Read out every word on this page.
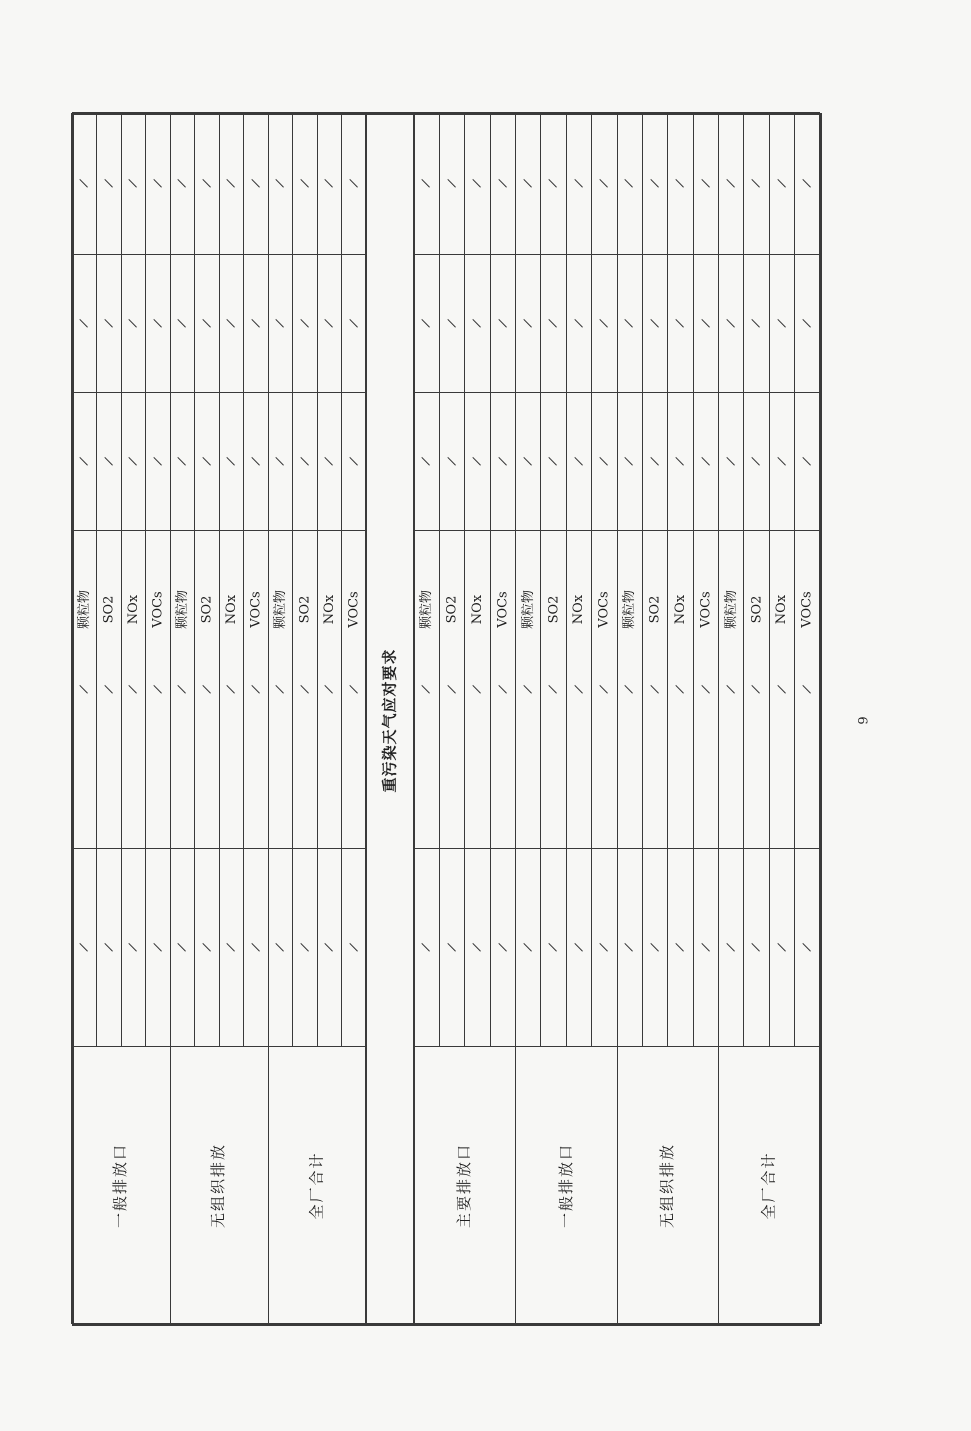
一般排放口
颗粒物
/
/
/
/
/
SO2
/
/
/
/
/
NOx
/
/
/
/
/
VOCs
/
/
/
/
/
无组织排放
颗粒物
/
/
/
/
/
SO2
/
/
/
/
/
NOx
/
/
/
/
/
VOCs
/
/
/
/
/
全厂合计
颗粒物
/
/
/
/
/
SO2
/
/
/
/
/
NOx
/
/
/
/
/
VOCs
/
/
/
/
/
主要排放口
颗粒物
/
/
/
/
/
SO2
/
/
/
/
/
NOx
/
/
/
/
/
VOCs
/
/
/
/
/
一般排放口
颗粒物
/
/
/
/
/
SO2
/
/
/
/
/
NOx
/
/
/
/
/
VOCs
/
/
/
/
/
无组织排放
颗粒物
/
/
/
/
/
SO2
/
/
/
/
/
NOx
/
/
/
/
/
VOCs
/
/
/
/
/
全厂合计
颗粒物
/
/
/
/
/
SO2
/
/
/
/
/
NOx
/
/
/
/
/
VOCs
/
/
/
/
/
重污染天气应对要求	9
